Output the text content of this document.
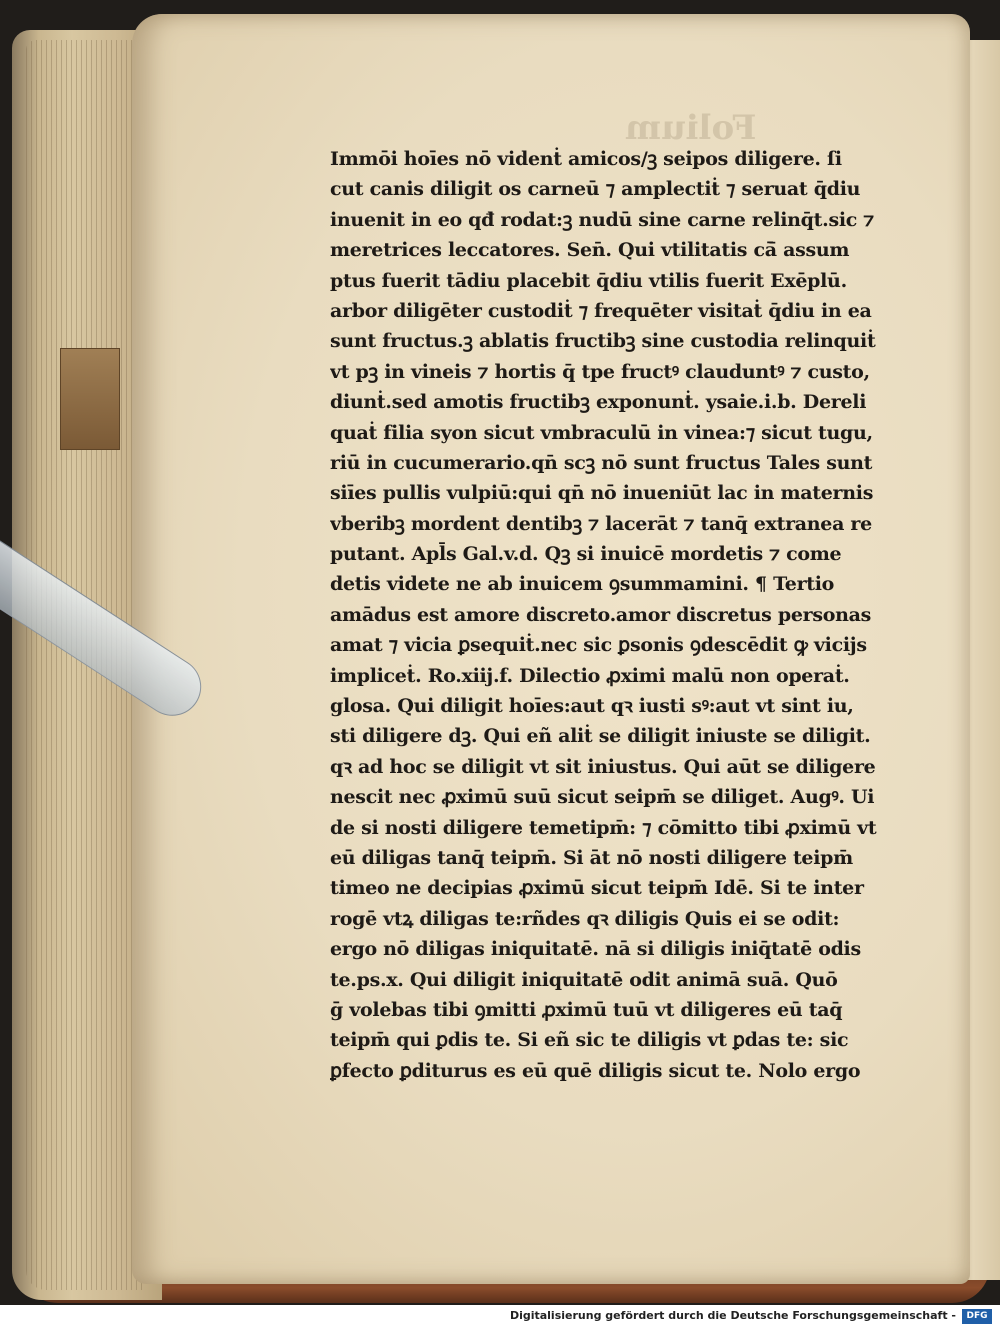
Folium
Immōi hoīes nō videnṫ amicos/ꝫ seipos diligere. ſi
cut canis diligit os carneū ⁊ amplectiṫ ⁊ seruat q̄diu
inuenit in eo qđ rodat:ꝫ nudū sine carne relinq̄t.sic ⁊
meretrices leccatores. Sen̄. Qui vtilitatis cā̄ assum
ptus fuerit tādiu placebit q̄diu vtilis fuerit Exēplū.
arbor diligēter custodiṫ ⁊ frequēter visitaṫ q̄diu in ea
sunt fructus.ꝫ ablatis fructibꝫ sine custodia relinquiṫ
vt pꝫ in vineis ⁊ hortis q̄ tpe fructꝰ clauduntꝰ ⁊ custo,
diunṫ.sed amotis fructibꝫ exponunṫ. ysaie.i.b. Dereli
quaṫ filia syon sicut vmbraculū in vinea:⁊ sicut tugu,
riū in cucumerario.qn̄ scꝫ nō sunt fructus Tales sunt
siīes pullis vulpiū:qui qn̄ nō inueniūt lac in maternis
vberibꝫ mordent dentibꝫ ⁊ lacerāt ⁊ tanq̄ extranea re
putant. Apl̄s Gal.v.d. Qꝫ si inuicē mordetis ⁊ come
detis videte ne ab inuicem ꝯsummamini. ¶ Tertio
amādus est amore discreto.amor discretus personas
amat ⁊ vicia ꝑsequiṫ.nec sic ꝑsonis ꝯdescēdit ꝙ vicijs
impliceṫ. Ro.xiij.f. Dilectio ꝓximi malū non operaṫ.
glosa. Qui diligit hoīes:aut qꝛ iusti sꝰ:aut vt sint iu,
sti diligere dꝫ. Qui eñ aliṫ se diligit iniuste se diligit.
qꝛ ad hoc se diligit vt sit iniustus. Qui aūt se diligere
nescit nec ꝓximū suū sicut seipm̄ se diliget. Augꝰ. Ui
de si nosti diligere temetipm̄: ⁊ cōmitto tibi ꝓximū vt
eū diligas tanq̄ teipm̄. Si āt nō nosti diligere teipm̄
timeo ne decipias ꝓximū sicut teipm̄ Idē. Si te inter
rogē vtꝝ diligas te:rñdes qꝛ diligis Quis ei se odit:
ergo nō diligas iniquitatē. nā si diligis iniq̄tatē odis
te.ps.x. Qui diligit iniquitatē odit animā suā. Quō
ḡ volebas tibi ꝯmitti ꝓximū tuū vt diligeres eū taq̄
teipm̄ qui ꝑdis te. Si eñ sic te diligis vt ꝑdas te: sic
ꝑfecto ꝑditurus es eū quē diligis sicut te. Nolo ergo
Digitalisierung gefördert durch die Deutsche Forschungsgemeinschaft -	DFG
